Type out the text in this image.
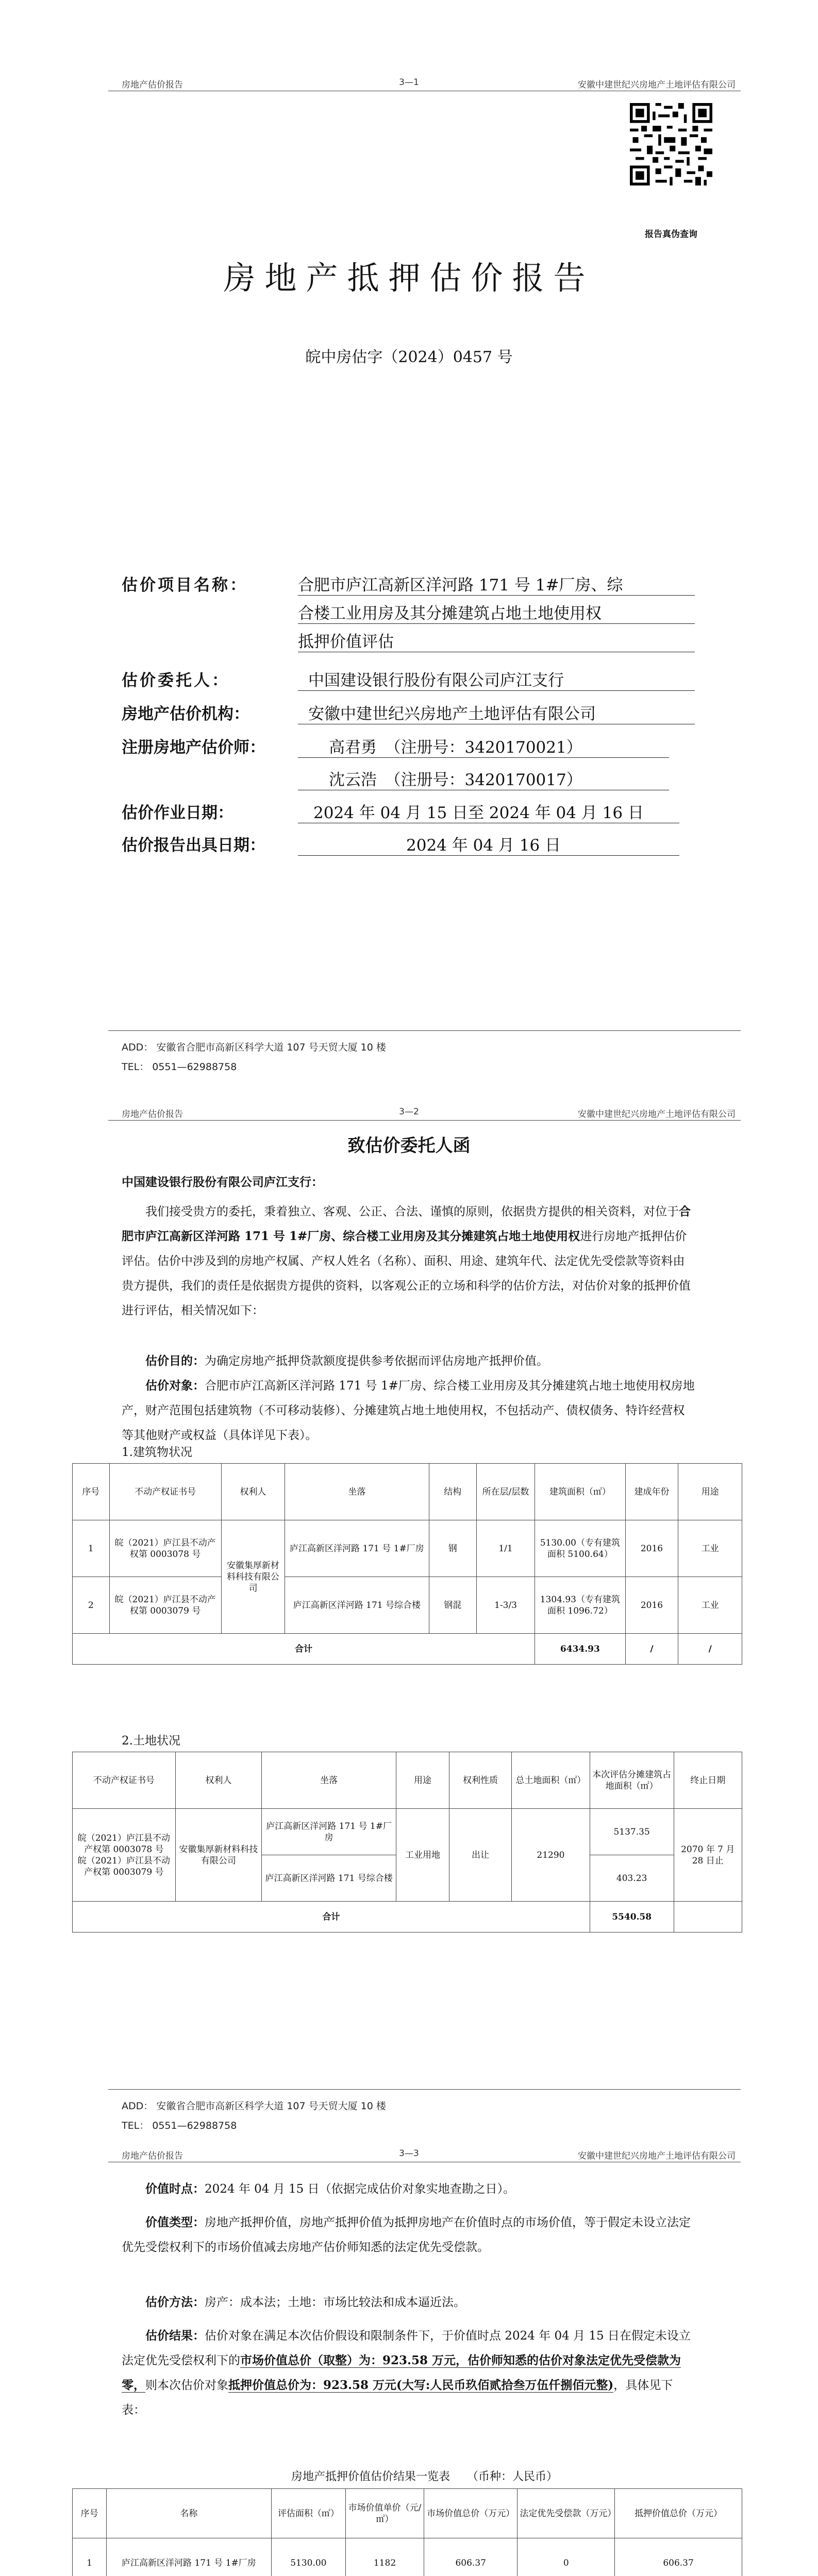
房地产估价报告	3—1	安徽中建世纪兴房地产土地评估有限公司
报告真伪查询
房地产抵押估价报告
皖中房估字（2024）0457 号
估价项目名称：	合肥市庐江高新区洋河路 171 号 1#厂房、综
合楼工业用房及其分摊建筑占地土地使用权
抵押价值评估
估价委托人：	中国建设银行股份有限公司庐江支行
房地产估价机构：	安徽中建世纪兴房地产土地评估有限公司
注册房地产估价师：	高君勇　（注册号：3420170021）
沈云浩　（注册号：3420170017）
估价作业日期：	2024 年 04 月 15 日至 2024 年 04 月 16 日
估价报告出具日期：	2024 年 04 月 16 日
ADD： 安徽省合肥市高新区科学大道 107 号天贸大厦 10 楼
TEL： 0551—62988758
房地产估价报告	3—2	安徽中建世纪兴房地产土地评估有限公司
致估价委托人函
中国建设银行股份有限公司庐江支行：

我们接受贵方的委托，秉着独立、客观、公正、合法、谨慎的原则，依据贵方提供的相关资料，对位于合肥市庐江高新区洋河路 171 号 1#厂房、综合楼工业用房及其分摊建筑占地土地使用权进行房地产抵押估价评估。估价中涉及到的房地产权属、产权人姓名（名称）、面积、用途、建筑年代、法定优先受偿款等资料由贵方提供，我们的责任是依据贵方提供的资料，以客观公正的立场和科学的估价方法，对估价对象的抵押价值进行评估，相关情况如下：

估价目的：为确定房地产抵押贷款额度提供参考依据而评估房地产抵押价值。

估价对象：合肥市庐江高新区洋河路 171 号 1#厂房、综合楼工业用房及其分摊建筑占地土地使用权房地产，财产范围包括建筑物（不可移动装修）、分摊建筑占地土地使用权，不包括动产、债权债务、特许经营权等其他财产或权益（具体详见下表）。

1.建筑物状况
序号	不动产权证书号	权利人	坐落	结构	所在层/层数	建筑面积（㎡）	建成年份	用途
1	皖（2021）庐江县不动产权第 0003078 号	安徽集厚新材料科技有限公司	庐江高新区洋河路 171 号 1#厂房	钢	1/1	5130.00（专有建筑面积 5100.64）	2016	工业
2	皖（2021）庐江县不动产权第 0003079 号		庐江高新区洋河路 171 号综合楼	钢混	1-3/3	1304.93（专有建筑面积 1096.72）	2016	工业
合计						6434.93	/	/
2.土地状况
不动产权证书号	权利人	坐落	用途	权利性质	总土地面积（㎡）	本次评估分摊建筑占地面积（㎡）	终止日期

皖（2021）庐江县不动产权第 0003078 号
皖（2021）庐江县不动产权第 0003079 号	安徽集厚新材料科技有限公司	庐江高新区洋河路 171 号 1#厂房	工业用地	出让	21290	5137.35	2070 年 7 月 28 日止
		庐江高新区洋河路 171 号综合楼				403.23	
合计						5540.58	
ADD： 安徽省合肥市高新区科学大道 107 号天贸大厦 10 楼
TEL： 0551—62988758
房地产估价报告	3—3	安徽中建世纪兴房地产土地评估有限公司

价值时点：2024 年 04 月 15 日（依据完成估价对象实地查勘之日）。

价值类型：房地产抵押价值，房地产抵押价值为抵押房地产在价值时点的市场价值，等于假定未设立法定优先受偿权利下的市场价值减去房地产估价师知悉的法定优先受偿款。

估价方法：房产：成本法；土地：市场比较法和成本逼近法。

估价结果：估价对象在满足本次估价假设和限制条件下，于价值时点 2024 年 04 月 15 日在假定未设立法定优先受偿权利下的市场价值总价（取整）为：923.58 万元，估价师知悉的估价对象法定优先受偿款为零，则本次估价对象抵押价值总价为：923.58 万元(大写:人民币玖佰贰拾叁万伍仟捌佰元整)，具体见下表：

房地产抵押价值估价结果一览表　　（币种：人民币）
序号	名称	评估面积（㎡）	市场价值单价（元/㎡）	市场价值总价（万元）	法定优先受偿款（万元）	抵押价值总价（万元）
1	庐江高新区洋河路 171 号 1#厂房	5130.00	1182	606.37	0	606.37
